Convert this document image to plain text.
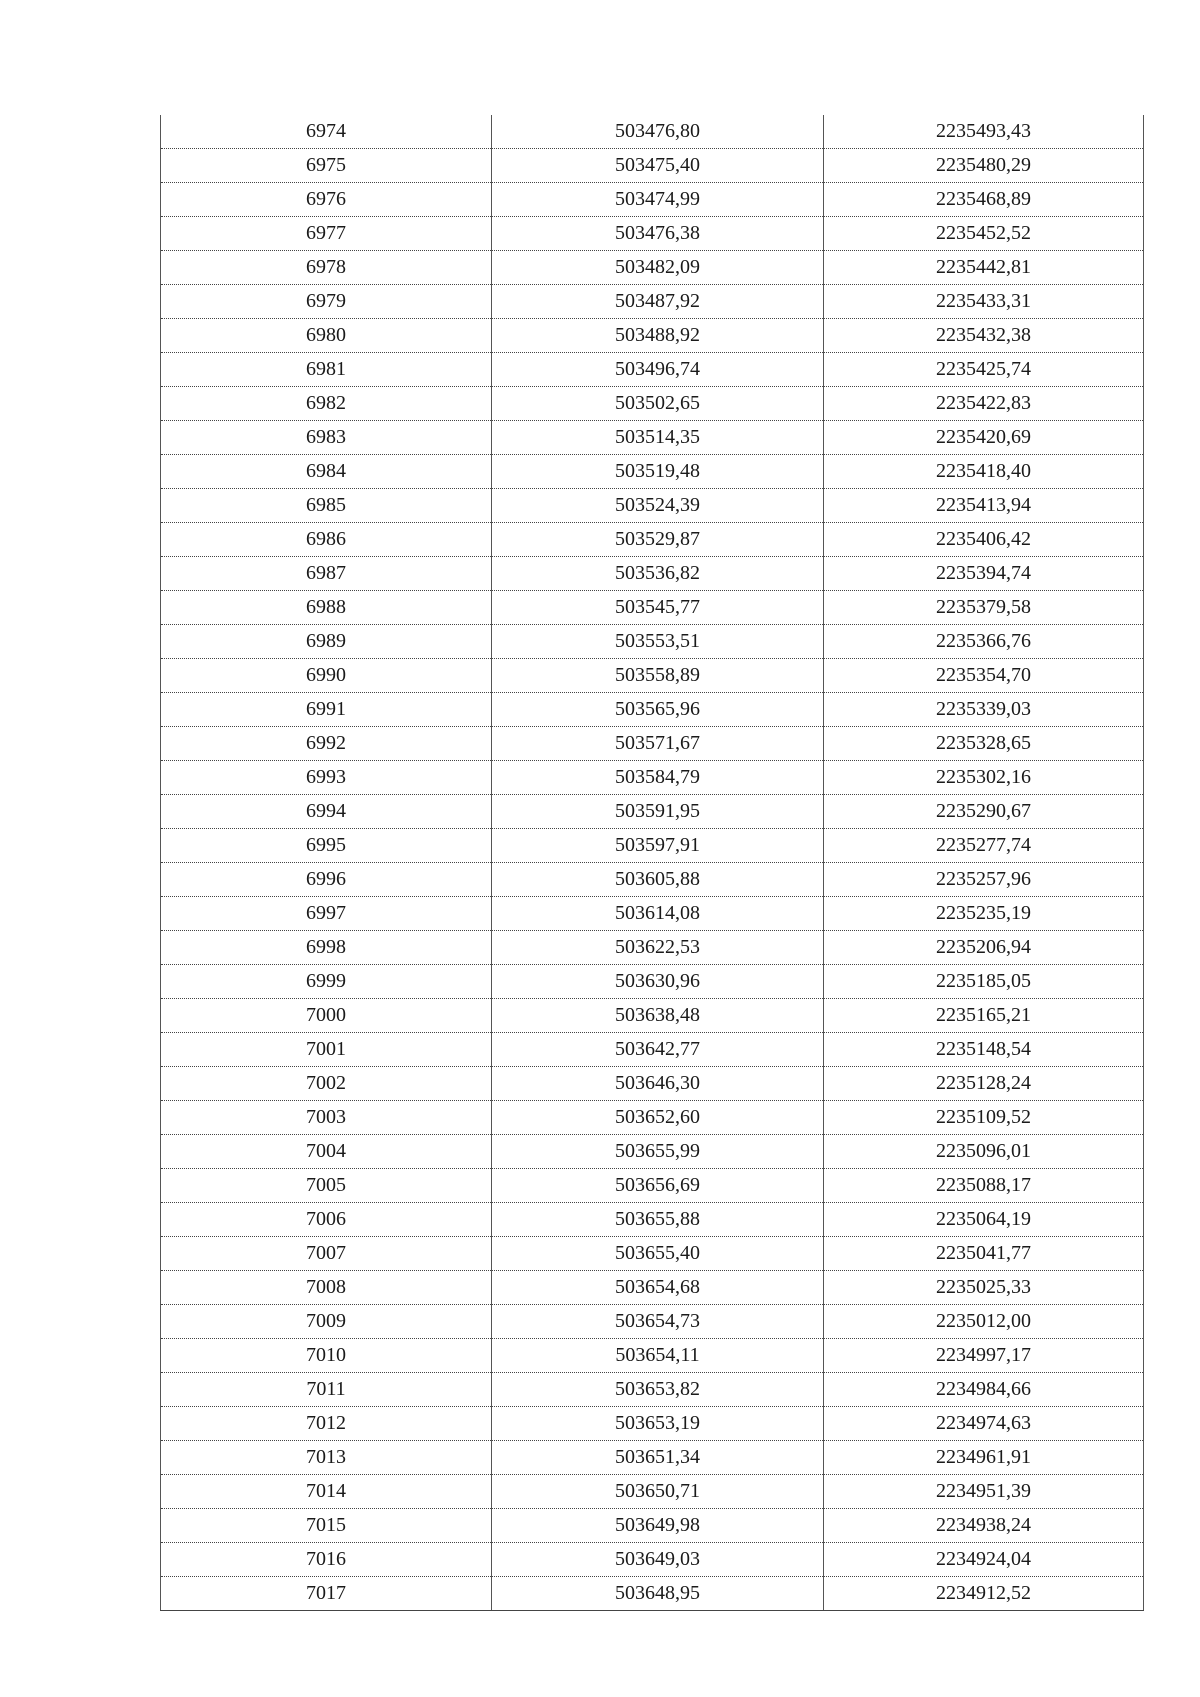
6974	503476,80	2235493,43
6975	503475,40	2235480,29
6976	503474,99	2235468,89
6977	503476,38	2235452,52
6978	503482,09	2235442,81
6979	503487,92	2235433,31
6980	503488,92	2235432,38
6981	503496,74	2235425,74
6982	503502,65	2235422,83
6983	503514,35	2235420,69
6984	503519,48	2235418,40
6985	503524,39	2235413,94
6986	503529,87	2235406,42
6987	503536,82	2235394,74
6988	503545,77	2235379,58
6989	503553,51	2235366,76
6990	503558,89	2235354,70
6991	503565,96	2235339,03
6992	503571,67	2235328,65
6993	503584,79	2235302,16
6994	503591,95	2235290,67
6995	503597,91	2235277,74
6996	503605,88	2235257,96
6997	503614,08	2235235,19
6998	503622,53	2235206,94
6999	503630,96	2235185,05
7000	503638,48	2235165,21
7001	503642,77	2235148,54
7002	503646,30	2235128,24
7003	503652,60	2235109,52
7004	503655,99	2235096,01
7005	503656,69	2235088,17
7006	503655,88	2235064,19
7007	503655,40	2235041,77
7008	503654,68	2235025,33
7009	503654,73	2235012,00
7010	503654,11	2234997,17
7011	503653,82	2234984,66
7012	503653,19	2234974,63
7013	503651,34	2234961,91
7014	503650,71	2234951,39
7015	503649,98	2234938,24
7016	503649,03	2234924,04
7017	503648,95	2234912,52
